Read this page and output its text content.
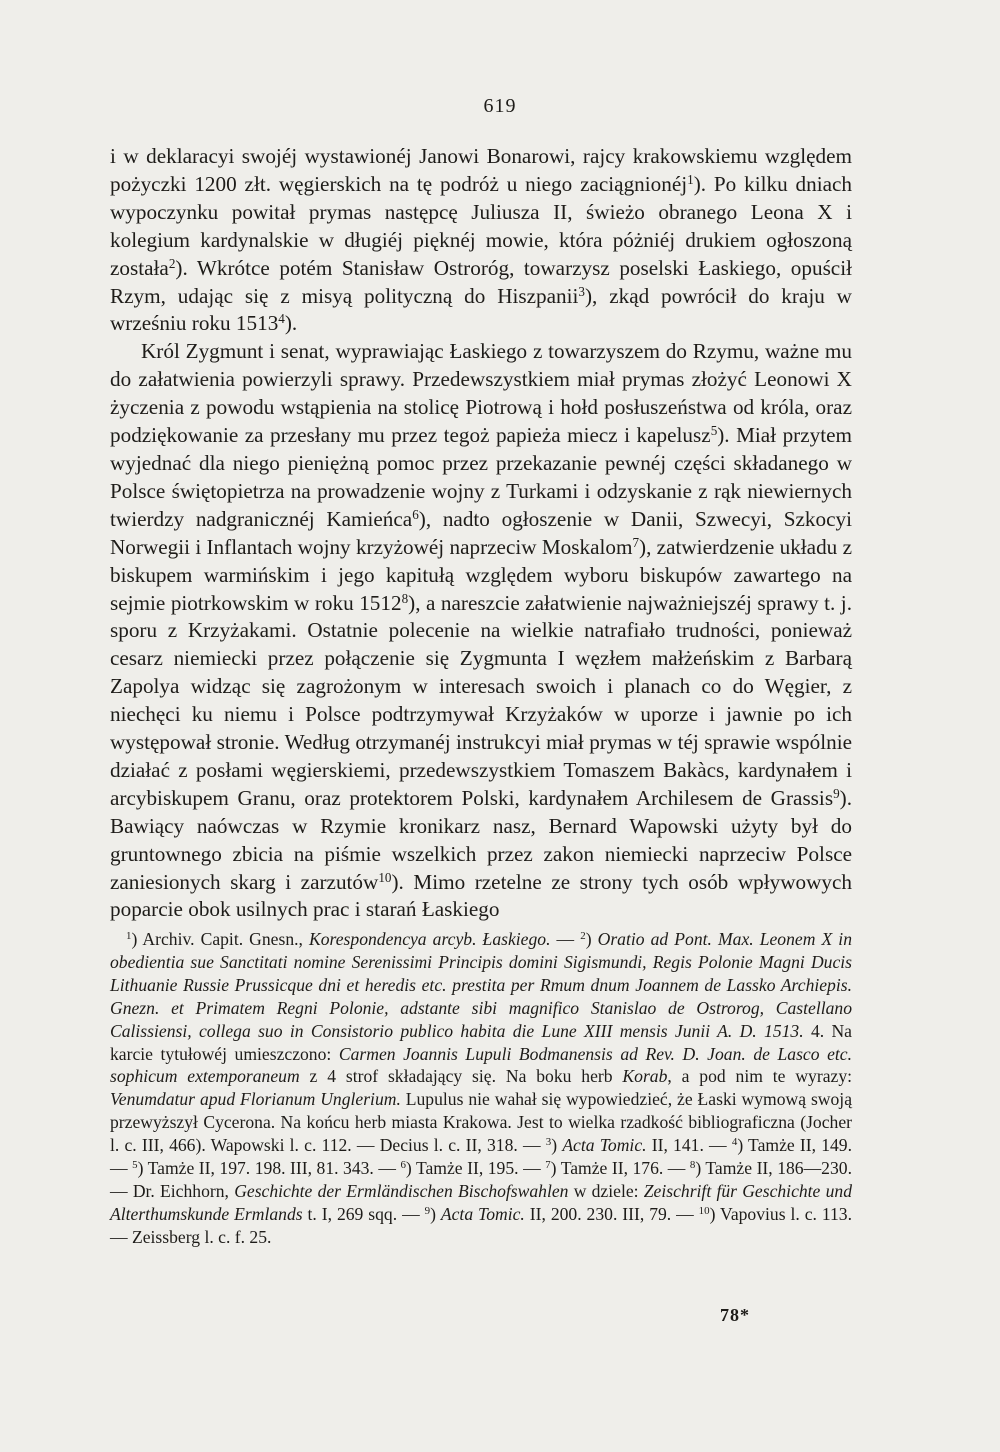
619

i w deklaracyi swojéj wystawionéj Janowi Bonarowi, rajcy krakowskiemu względem pożyczki 1200 złt. węgierskich na tę podróż u niego zaciągnionéj$^1$). Po kilku dniach wypoczynku powitał prymas następcę Juliusza II, świeżo obranego Leona X i kolegium kardynalskie w długiéj pięknéj mowie, która póżniéj drukiem ogłoszoną została$^2$). Wkrótce potém Stanisław Ostroróg, towarzysz poselski Łaskiego, opuścił Rzym, udając się z misyą polityczną do Hiszpanii$^3$), zkąd powrócił do kraju w wrześniu roku 1513$^4$).

Król Zygmunt i senat, wyprawiając Łaskiego z towarzyszem do Rzymu, ważne mu do załatwienia powierzyli sprawy. Przedewszystkiem miał prymas złożyć Leonowi X życzenia z powodu wstąpienia na stolicę Piotrową i hołd posłuszeństwa od króla, oraz podziękowanie za przesłany mu przez tegoż papieża miecz i kapelusz$^5$). Miał przytem wyjednać dla niego pieniężną pomoc przez przekazanie pewnéj części składanego w Polsce świętopietrza na prowadzenie wojny z Turkami i odzyskanie z rąk niewiernych twierdzy nadgranicznéj Kamieńca$^6$), nadto ogłoszenie w Danii, Szwecyi, Szkocyi Norwegii i Inflantach wojny krzyżowéj naprzeciw Moskalom$^7$), zatwierdzenie układu z biskupem warmińskim i jego kapitułą względem wyboru biskupów zawartego na sejmie piotrkowskim w roku 1512$^8$), a nareszcie załatwienie najważniejszéj sprawy t. j. sporu z Krzyżakami. Ostatnie polecenie na wielkie natrafiało trudności, ponieważ cesarz niemiecki przez połączenie się Zygmunta I węzłem małżeńskim z Barbarą Zapolya widząc się zagrożonym w interesach swoich i planach co do Węgier, z niechęci ku niemu i Polsce podtrzymywał Krzyżaków w uporze i jawnie po ich występował stronie. Według otrzymanéj instrukcyi miał prymas w téj sprawie wspólnie działać z posłami węgierskiemi, przedewszystkiem Tomaszem Bakàcs, kardynałem i arcybiskupem Granu, oraz protektorem Polski, kardynałem Archilesem de Grassis$^9$). Bawiący naówczas w Rzymie kronikarz nasz, Bernard Wapowski użyty był do gruntownego zbicia na piśmie wszelkich przez zakon niemiecki naprzeciw Polsce zaniesionych skarg i zarzutów$^{10}$). Mimo rzetelne ze strony tych osób wpływowych poparcie obok usilnych prac i starań Łaskiego

$^1$) Archiv. Capit. Gnesn., Korespondencya arcyb. Łaskiego. — $^2$) Oratio ad Pont. Max. Leonem X in obedientia sue Sanctitati nomine Serenissimi Principis domini Sigismundi, Regis Polonie Magni Ducis Lithuanie Russie Prussicque dni et heredis etc. prestita per Rmum dnum Joannem de Lassko Archiepis. Gnezn. et Primatem Regni Polonie, adstante sibi magnifico Stanislao de Ostrorog, Castellano Calissiensi, collega suo in Consistorio publico habita die Lune XIII mensis Junii A. D. 1513. 4. Na karcie tytułowéj umieszczono: Carmen Joannis Lupuli Bodmanensis ad Rev. D. Joan. de Lasco etc. sophicum extemporaneum z 4 strof składający się. Na boku herb Korab, a pod nim te wyrazy: Venumdatur apud Florianum Unglerium. Lupulus nie wahał się wypowiedzieć, że Łaski wymową swoją przewyższył Cycerona. Na końcu herb miasta Krakowa. Jest to wielka rzadkość bibliograficzna (Jocher l. c. III, 466). Wapowski l. c. 112. — Decius l. c. II, 318. — $^3$) Acta Tomic. II, 141. — $^4$) Tamże II, 149. — $^5$) Tamże II, 197. 198. III, 81. 343. — $^6$) Tamże II, 195. — $^7$) Tamże II, 176. — $^8$) Tamże II, 186—230. — Dr. Eichhorn, Geschichte der Ermländischen Bischofswahlen w dziele: Zeischrift für Geschichte und Alterthumskunde Ermlands t. I, 269 sqq. — $^9$) Acta Tomic. II, 200. 230. III, 79. — $^{10}$) Vapovius l. c. 113. — Zeissberg l. c. f. 25.

78*
